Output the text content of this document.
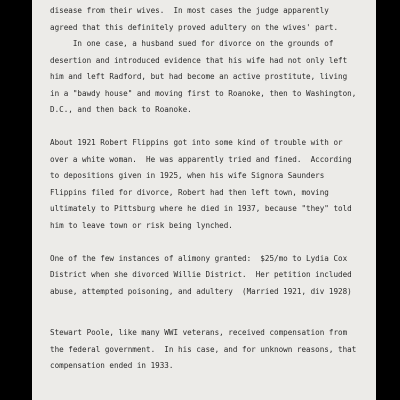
disease from their wives.  In most cases the judge apparently
agreed that this definitely proved adultery on the wives' part.
In one case, a husband sued for divorce on the grounds of
desertion and introduced evidence that his wife had not only left
him and left Radford, but had become an active prostitute, living
in a "bawdy house" and moving first to Roanoke, then to Washington,
D.C., and then back to Roanoke.
About 1921 Robert Flippins got into some kind of trouble with or
over a white woman.  He was apparently tried and fined.  According
to depositions given in 1925, when his wife Signora Saunders
Flippins filed for divorce, Robert had then left town, moving
ultimately to Pittsburg where he died in 1937, because "they" told
him to leave town or risk being lynched.
One of the few instances of alimony granted:  $25/mo to Lydia Cox
District when she divorced Willie District.  Her petition included
abuse, attempted poisoning, and adultery  (Married 1921, div 1928)
Stewart Poole, like many WWI veterans, received compensation from
the federal government.  In his case, and for unknown reasons, that
compensation ended in 1933.
